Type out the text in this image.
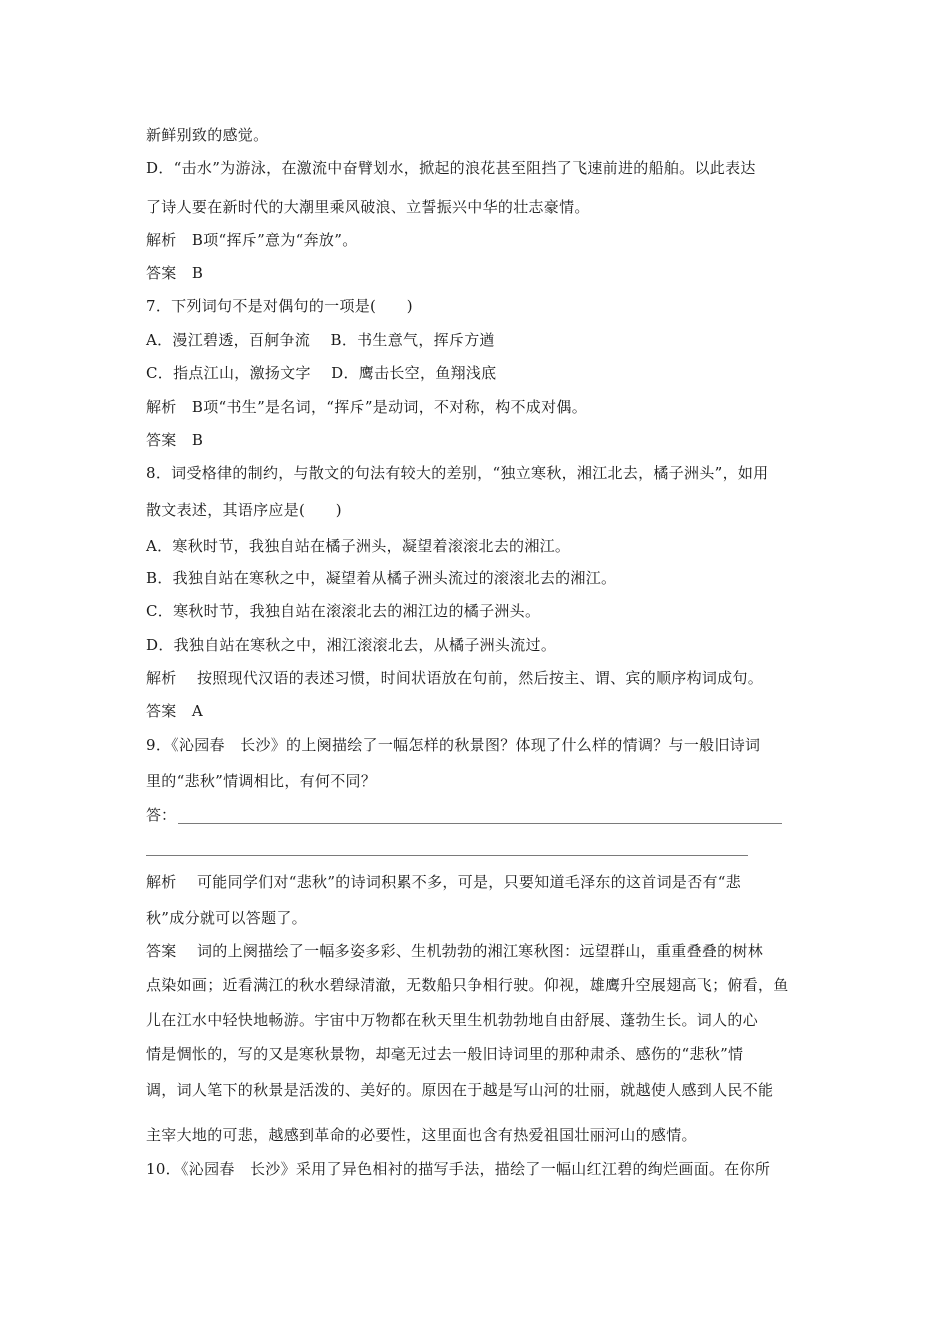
新鲜别致的感觉。
D．“击水”为游泳，在激流中奋臂划水，掀起的浪花甚至阻挡了飞速前进的船舶。以此表达
了诗人要在新时代的大潮里乘风破浪、立誓振兴中华的壮志豪情。
解析　B项“挥斥”意为“奔放”。
答案　B
7．下列词句不是对偶句的一项是(　　)
A．漫江碧透，百舸争流　 B．书生意气，挥斥方遒
C．指点江山，激扬文字　 D．鹰击长空，鱼翔浅底
解析　B项“书生”是名词，“挥斥”是动词，不对称，构不成对偶。
答案　B
8．词受格律的制约，与散文的句法有较大的差别，“独立寒秋，湘江北去，橘子洲头”，如用
散文表述，其语序应是(　　)
A．寒秋时节，我独自站在橘子洲头，凝望着滚滚北去的湘江。
B．我独自站在寒秋之中，凝望着从橘子洲头流过的滚滚北去的湘江。
C．寒秋时节，我独自站在滚滚北去的湘江边的橘子洲头。
D．我独自站在寒秋之中，湘江滚滚北去，从橘子洲头流过。
解析　 按照现代汉语的表述习惯，时间状语放在句前，然后按主、谓、宾的顺序构词成句。
答案　A
9．《沁园春　长沙》的上阕描绘了一幅怎样的秋景图？体现了什么样的情调？与一般旧诗词
里的“悲秋”情调相比，有何不同？
答：
解析　 可能同学们对“悲秋”的诗词积累不多，可是，只要知道毛泽东的这首词是否有“悲
秋”成分就可以答题了。
答案　 词的上阕描绘了一幅多姿多彩、生机勃勃的湘江寒秋图：远望群山，重重叠叠的树林
点染如画；近看满江的秋水碧绿清澈，无数船只争相行驶。仰视，雄鹰升空展翅高飞；俯看，鱼
儿在江水中轻快地畅游。宇宙中万物都在秋天里生机勃勃地自由舒展、蓬勃生长。词人的心
情是惆怅的，写的又是寒秋景物，却毫无过去一般旧诗词里的那种肃杀、感伤的“悲秋”情
调，词人笔下的秋景是活泼的、美好的。原因在于越是写山河的壮丽，就越使人感到人民不能
主宰大地的可悲，越感到革命的必要性，这里面也含有热爱祖国壮丽河山的感情。
10．《沁园春　长沙》采用了异色相衬的描写手法，描绘了一幅山红江碧的绚烂画面。在你所
